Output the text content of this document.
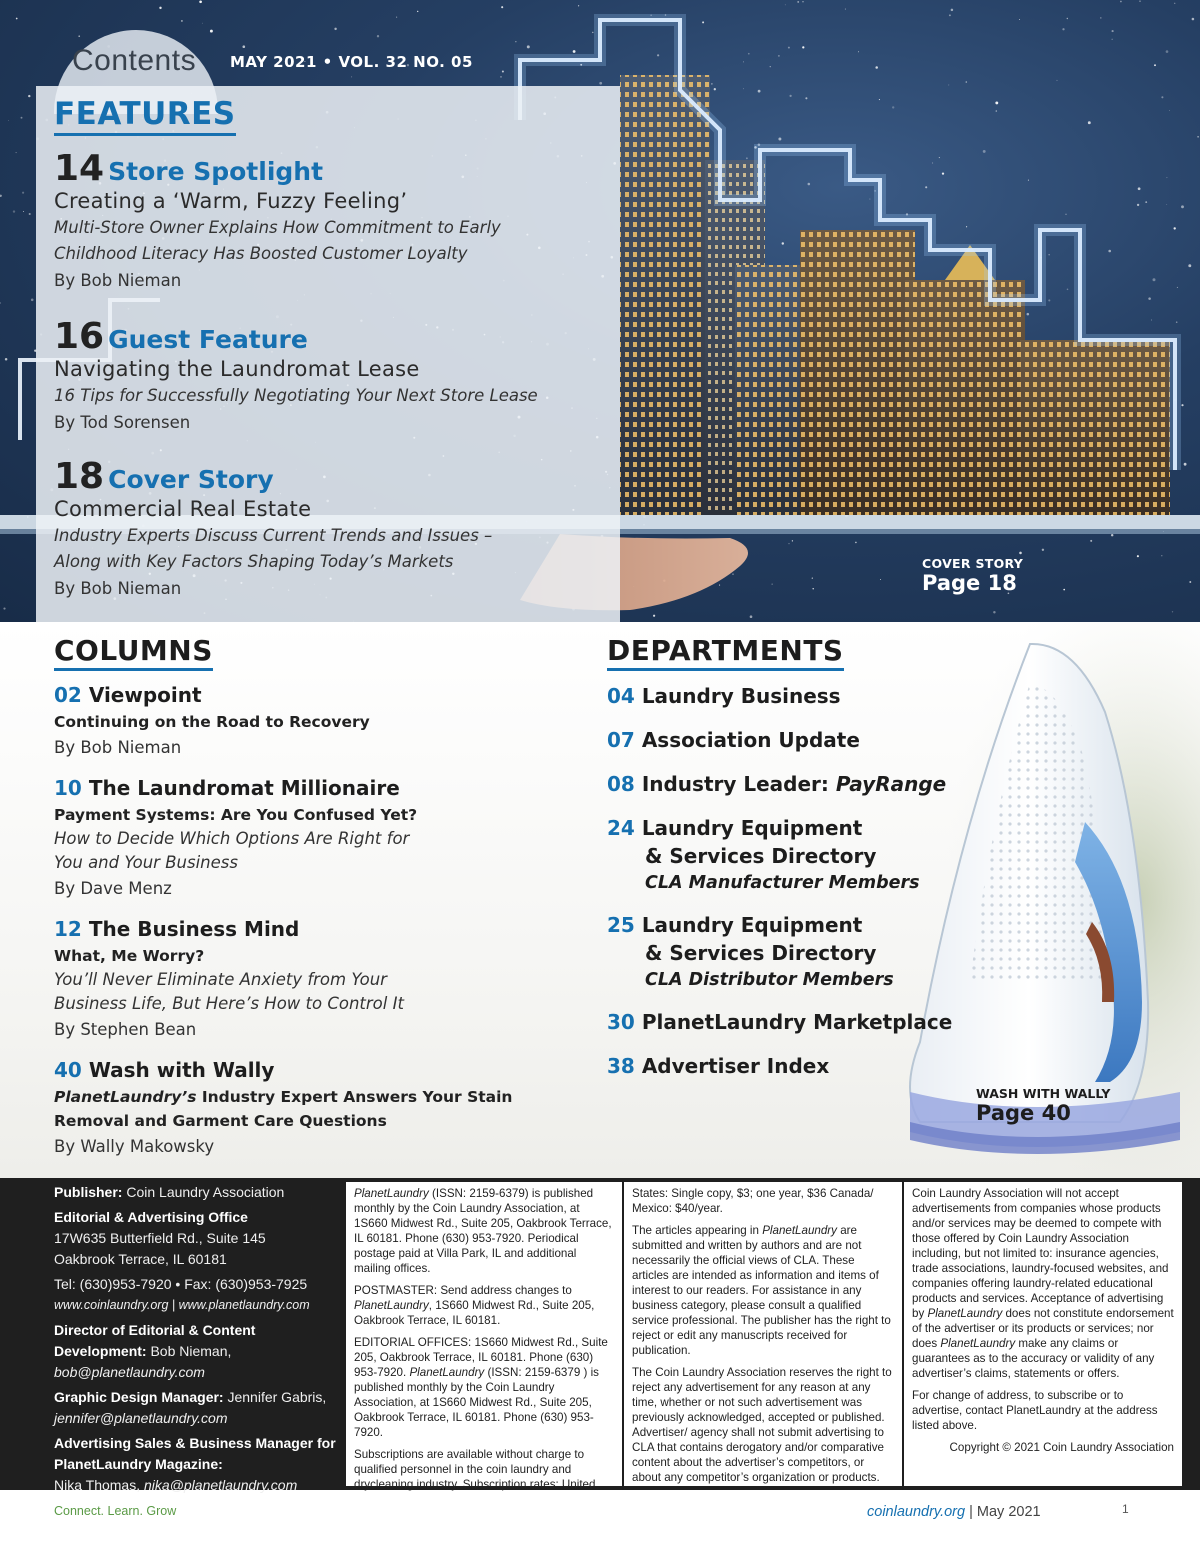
Contents MAY 2021 • VOL. 32 NO. 05
FEATURES
14 Store Spotlight
Creating a ‘Warm, Fuzzy Feeling’
Multi-Store Owner Explains How Commitment to Early
Childhood Literacy Has Boosted Customer Loyalty
By Bob Nieman
16 Guest Feature
Navigating the Laundromat Lease
16 Tips for Successfully Negotiating Your Next Store Lease
By Tod Sorensen
18 Cover Story
Commercial Real Estate
Industry Experts Discuss Current Trends and Issues –
Along with Key Factors Shaping Today’s Markets
By Bob Nieman
COVER STORY
Page 18
COLUMNS	DEPARTMENTS
02 Viewpoint
Continuing on the Road to Recovery
By Bob Nieman
10 The Laundromat Millionaire
Payment Systems: Are You Confused Yet?
How to Decide Which Options Are Right for
You and Your Business
By Dave Menz
12 The Business Mind
What, Me Worry?
You’ll Never Eliminate Anxiety from Your
Business Life, But Here’s How to Control It
By Stephen Bean
40 Wash with Wally
PlanetLaundry’s Industry Expert Answers Your Stain
Removal and Garment Care Questions
By Wally Makowsky
04 Laundry Business
07 Association Update
08 Industry Leader: PayRange
24 Laundry Equipment
& Services Directory
CLA Manufacturer Members
25 Laundry Equipment
& Services Directory
CLA Distributor Members
30 PlanetLaundry Marketplace
38 Advertiser Index
WASH WITH WALLY
Page 40
Publisher: Coin Laundry Association
Editorial & Advertising Office
17W635 Butterfield Rd., Suite 145
Oakbrook Terrace, IL 60181
Tel: (630)953-7920 • Fax: (630)953-7925
www.coinlaundry.org | www.planetlaundry.com
Director of Editorial & Content
Development: Bob Nieman,
bob@planetlaundry.com
Graphic Design Manager: Jennifer Gabris,
jennifer@planetlaundry.com
Advertising Sales & Business Manager for
PlanetLaundry Magazine:
Nika Thomas, nika@planetlaundry.com

PlanetLaundry (ISSN: 2159-6379) is published monthly by the Coin Laundry Association, at 1S660 Midwest Rd., Suite 205, Oakbrook Terrace, IL 60181. Phone (630) 953-7920. Periodical postage paid at Villa Park, IL and additional mailing offices.

POSTMASTER: Send address changes to PlanetLaundry, 1S660 Midwest Rd., Suite 205, Oakbrook Terrace, IL 60181.

EDITORIAL OFFICES: 1S660 Midwest Rd., Suite 205, Oakbrook Terrace, IL 60181. Phone (630) 953-7920. PlanetLaundry (ISSN: 2159-6379 ) is published monthly by the Coin Laundry Association, at 1S660 Midwest Rd., Suite 205, Oakbrook Terrace, IL 60181. Phone (630) 953-7920.

Subscriptions are available without charge to qualified personnel in the coin laundry and drycleaning industry. Subscription rates: United

States: Single copy, $3; one year, $36 Canada/ Mexico: $40/year.

The articles appearing in PlanetLaundry are submitted and written by authors and are not necessarily the official views of CLA. These articles are intended as information and items of interest to our readers. For assistance in any business category, please consult a qualified service professional. The publisher has the right to reject or edit any manuscripts received for publication.

The Coin Laundry Association reserves the right to reject any advertisement for any reason at any time, whether or not such advertisement was previously acknowledged, accepted or published. Advertiser/ agency shall not submit advertising to CLA that contains derogatory and/or comparative content about the advertiser’s competitors, or about any competitor’s organization or products.

Coin Laundry Association will not accept advertisements from companies whose products and/or services may be deemed to compete with those offered by Coin Laundry Association including, but not limited to: insurance agencies, trade associations, laundry-focused websites, and companies offering laundry-related educational products and services. Acceptance of advertising by PlanetLaundry does not constitute endorsement of the advertiser or its products or services; nor does PlanetLaundry make any claims or guarantees as to the accuracy or validity of any advertiser’s claims, statements or offers.

For change of address, to subscribe or to advertise, contact PlanetLaundry at the address listed above.

Copyright © 2021 Coin Laundry Association

Connect. Learn. Grow	coinlaundry.org | May 2021	1
